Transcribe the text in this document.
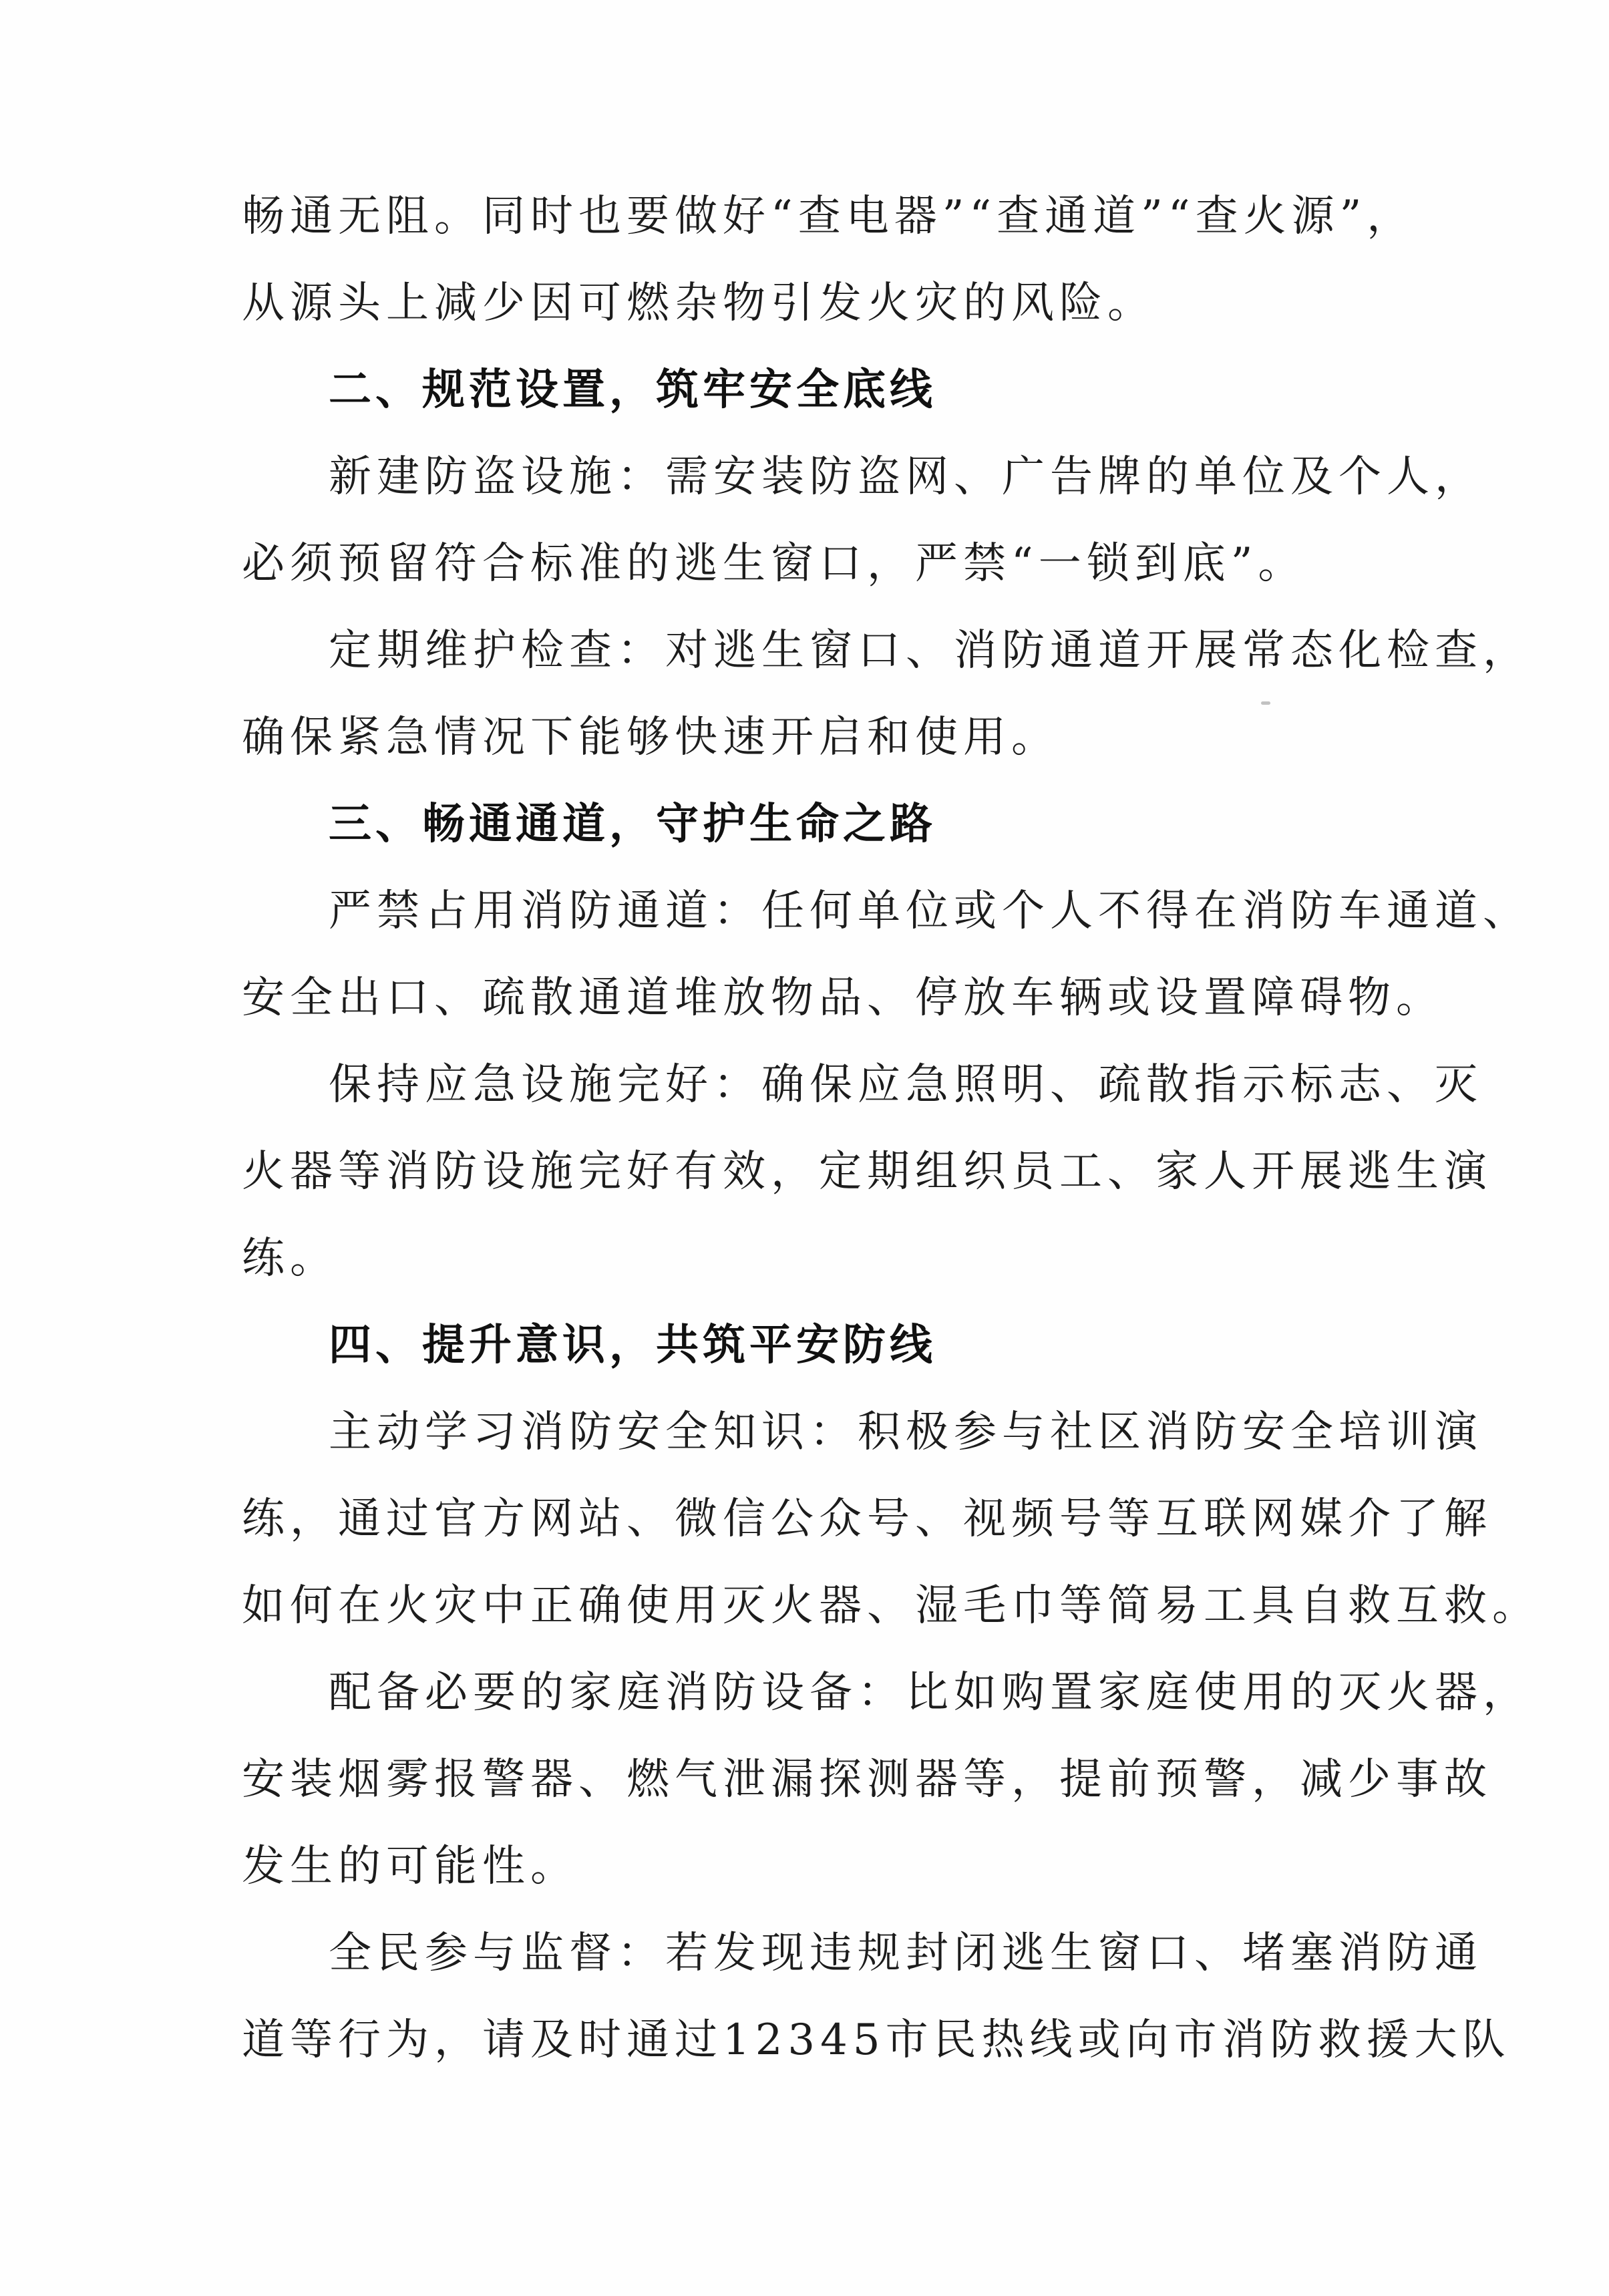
畅通无阻。同时也要做好“查电器”“查通道”“查火源”，
从源头上减少因可燃杂物引发火灾的风险。
二、规范设置，筑牢安全底线
新建防盗设施：需安装防盗网、广告牌的单位及个人，
必须预留符合标准的逃生窗口，严禁“一锁到底”。
定期维护检查：对逃生窗口、消防通道开展常态化检查，
确保紧急情况下能够快速开启和使用。
三、畅通通道，守护生命之路
严禁占用消防通道：任何单位或个人不得在消防车通道、
安全出口、疏散通道堆放物品、停放车辆或设置障碍物。
保持应急设施完好：确保应急照明、疏散指示标志、灭
火器等消防设施完好有效，定期组织员工、家人开展逃生演
练。
四、提升意识，共筑平安防线
主动学习消防安全知识：积极参与社区消防安全培训演
练，通过官方网站、微信公众号、视频号等互联网媒介了解
如何在火灾中正确使用灭火器、湿毛巾等简易工具自救互救。
配备必要的家庭消防设备：比如购置家庭使用的灭火器，
安装烟雾报警器、燃气泄漏探测器等，提前预警，减少事故
发生的可能性。
全民参与监督：若发现违规封闭逃生窗口、堵塞消防通
道等行为，请及时通过12345市民热线或向市消防救援大队
